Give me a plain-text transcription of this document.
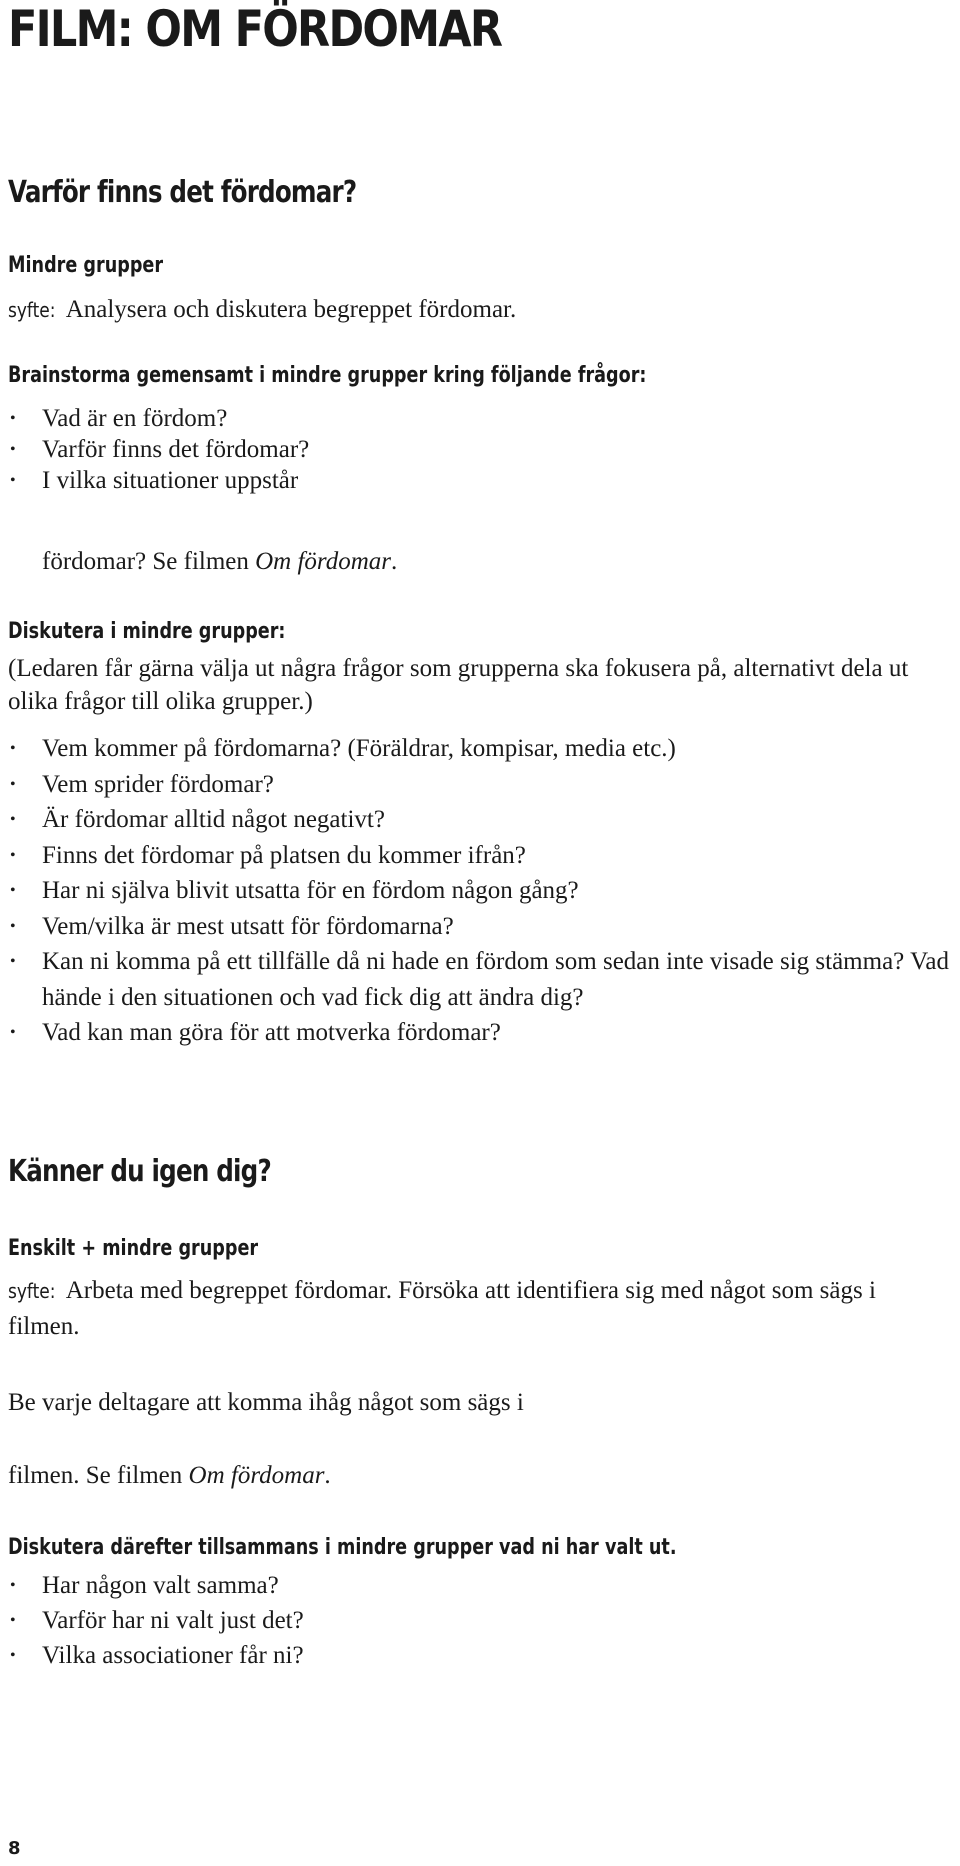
FILM: OM FÖRDOMAR
Varför finns det fördomar?
Mindre grupper
syfte: Analysera och diskutera begreppet fördomar.
Brainstorma gemensamt i mindre grupper kring följande frågor:
• Vad är en fördom?
• Varför finns det fördomar?
• I vilka situationer uppstår
fördomar? Se filmen Om fördomar.
Diskutera i mindre grupper:
(Ledaren får gärna välja ut några frågor som grupperna ska fokusera på, alternativt dela ut olika frågor till olika grupper.)
• Vem kommer på fördomarna? (Föräldrar, kompisar, media etc.)
• Vem sprider fördomar?
• Är fördomar alltid något negativt?
• Finns det fördomar på platsen du kommer ifrån?
• Har ni själva blivit utsatta för en fördom någon gång?
• Vem/vilka är mest utsatt för fördomarna?
• Kan ni komma på ett tillfälle då ni hade en fördom som sedan inte visade sig stämma? Vad hände i den situationen och vad fick dig att ändra dig?
• Vad kan man göra för att motverka fördomar?
Känner du igen dig?
Enskilt + mindre grupper
syfte: Arbeta med begreppet fördomar. Försöka att identifiera sig med något som sägs i filmen.
Be varje deltagare att komma ihåg något som sägs i
filmen. Se filmen Om fördomar.
Diskutera därefter tillsammans i mindre grupper vad ni har valt ut.
• Har någon valt samma?
• Varför har ni valt just det?
• Vilka associationer får ni?
8
